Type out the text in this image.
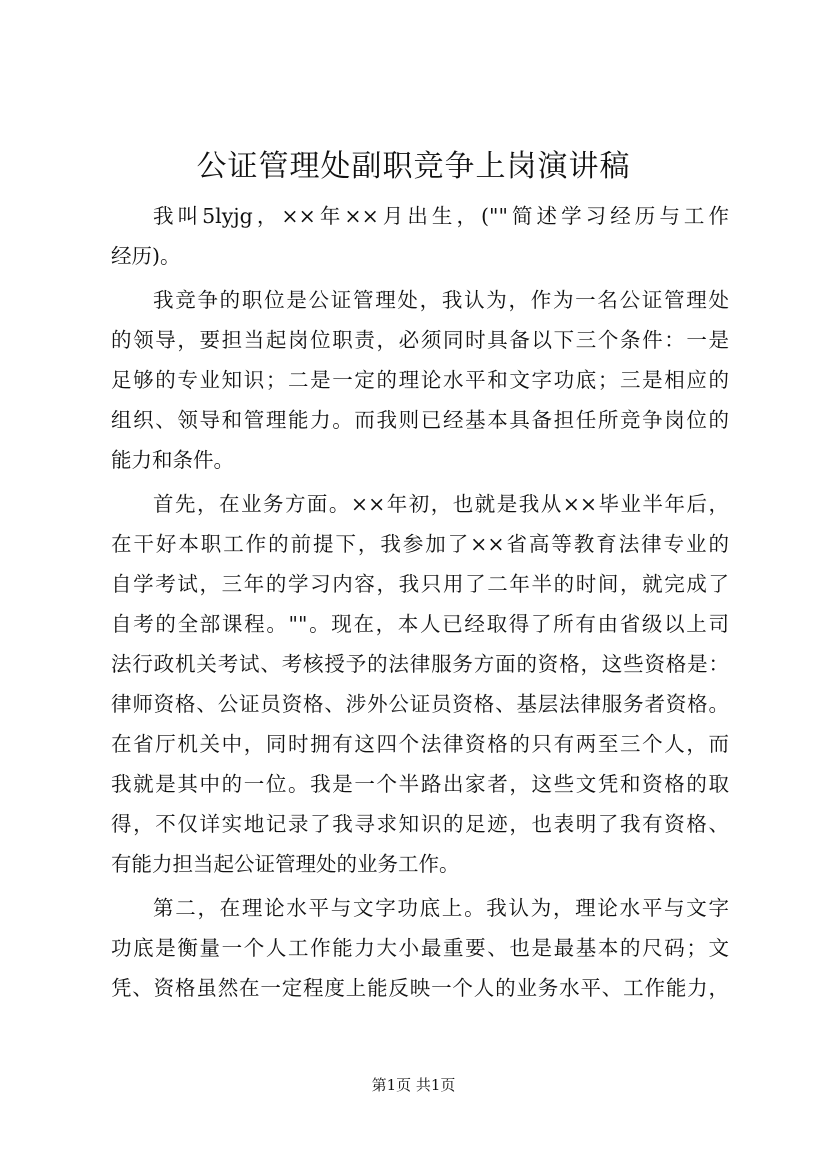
公证管理处副职竞争上岗演讲稿
我叫5lyjg，××年××月出生，(""简述学习经历与工作
经历)。
我竞争的职位是公证管理处，我认为，作为一名公证管理处
的领导，要担当起岗位职责，必须同时具备以下三个条件：一是
足够的专业知识；二是一定的理论水平和文字功底；三是相应的
组织、领导和管理能力。而我则已经基本具备担任所竞争岗位的
能力和条件。
首先，在业务方面。××年初，也就是我从××毕业半年后，
在干好本职工作的前提下，我参加了××省高等教育法律专业的
自学考试，三年的学习内容，我只用了二年半的时间，就完成了
自考的全部课程。""。现在，本人已经取得了所有由省级以上司
法行政机关考试、考核授予的法律服务方面的资格，这些资格是：
律师资格、公证员资格、涉外公证员资格、基层法律服务者资格。
在省厅机关中，同时拥有这四个法律资格的只有两至三个人，而
我就是其中的一位。我是一个半路出家者，这些文凭和资格的取
得，不仅详实地记录了我寻求知识的足迹，也表明了我有资格、
有能力担当起公证管理处的业务工作。
第二，在理论水平与文字功底上。我认为，理论水平与文字
功底是衡量一个人工作能力大小最重要、也是最基本的尺码；文
凭、资格虽然在一定程度上能反映一个人的业务水平、工作能力，
第1页 共1页
